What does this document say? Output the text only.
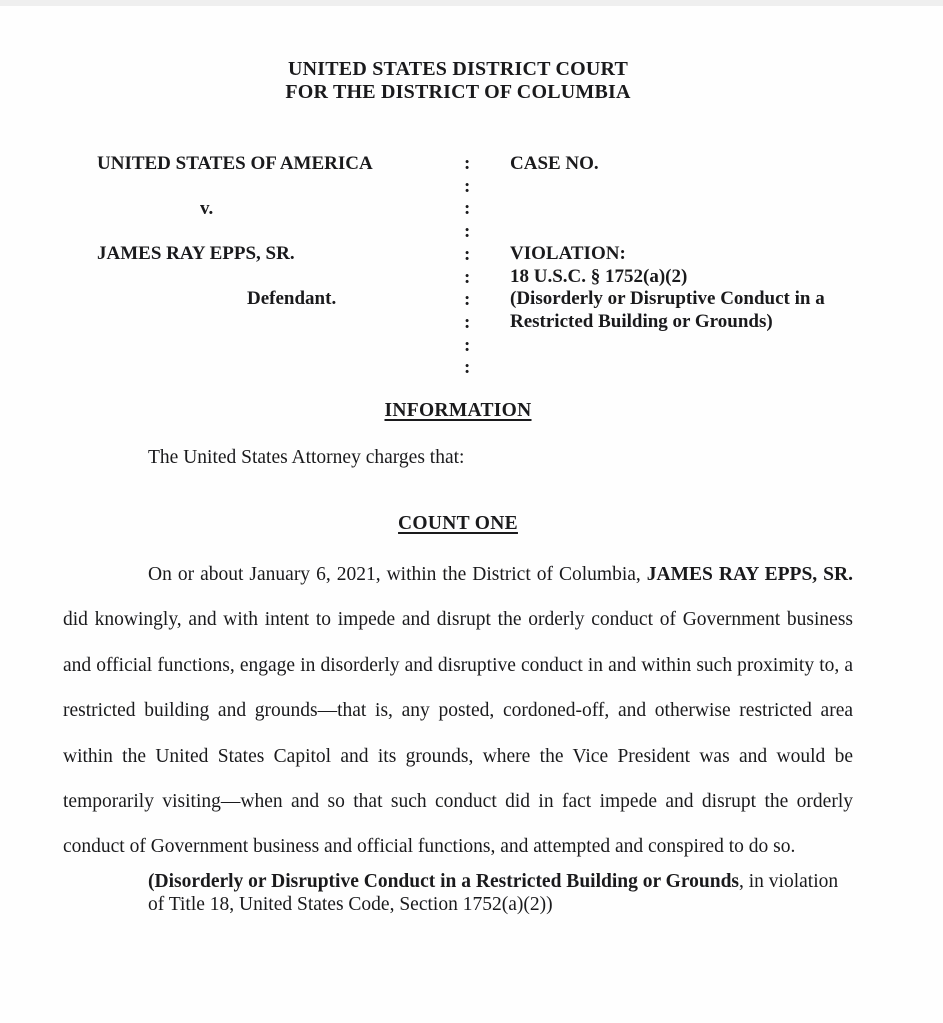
UNITED STATES DISTRICT COURT
FOR THE DISTRICT OF COLUMBIA
UNITED STATES OF AMERICA
v.
JAMES RAY EPPS, SR.
Defendant.
:
:
:
:
:
:
:
:
:
:
CASE NO.
VIOLATION:
18 U.S.C. § 1752(a)(2)
(Disorderly or Disruptive Conduct in a
Restricted Building or Grounds)
INFORMATION
The United States Attorney charges that:
COUNT ONE

On or about January 6, 2021, within the District of Columbia, JAMES RAY EPPS, SR. did knowingly, and with intent to impede and disrupt the orderly conduct of Government business and official functions, engage in disorderly and disruptive conduct in and within such proximity to, a restricted building and grounds—that is, any posted, cordoned-off, and otherwise restricted area within the United States Capitol and its grounds, where the Vice President was and would be temporarily visiting—when and so that such conduct did in fact impede and disrupt the orderly conduct of Government business and official functions, and attempted and conspired to do so.

(Disorderly or Disruptive Conduct in a Restricted Building or Grounds, in violation of Title 18, United States Code, Section 1752(a)(2))
